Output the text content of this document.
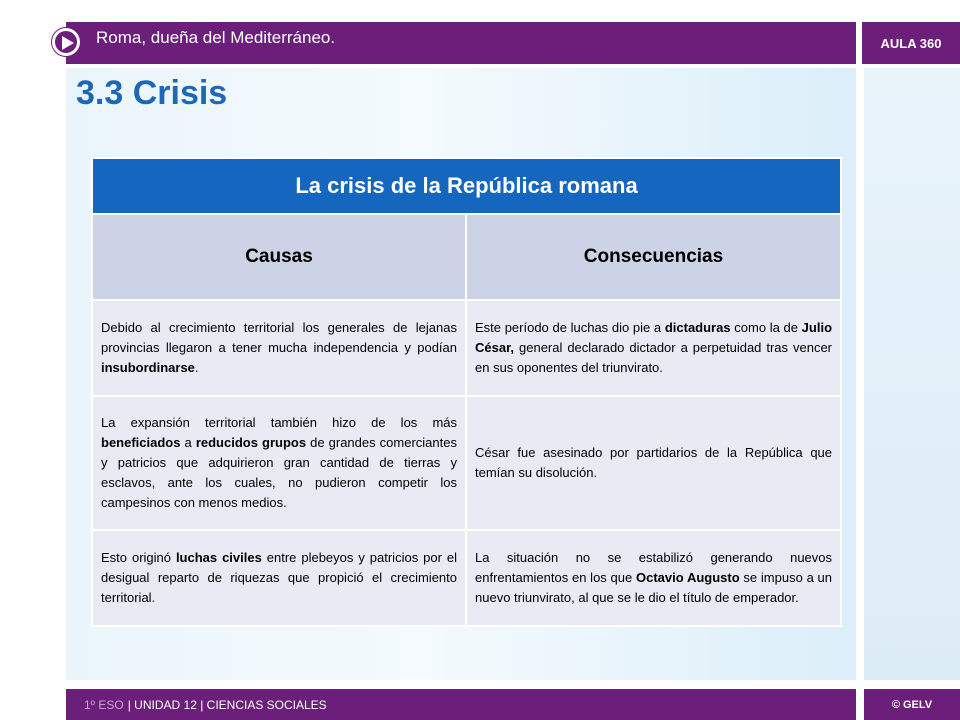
Roma, dueña del Mediterráneo.	AULA 360
3.3 Crisis
La crisis de la República romana	
Causas	Consecuencias
Debido al crecimiento territorial los generales de lejanas provincias llegaron a tener mucha independencia y podían insubordinarse.	Este período de luchas dio pie a dictaduras como la de Julio César, general declarado dictador a perpetuidad tras vencer en sus oponentes del triunvirato.
La expansión territorial también hizo de los más beneficiados a reducidos grupos de grandes comerciantes y patricios que adquirieron gran cantidad de tierras y esclavos, ante los cuales, no pudieron competir los campesinos con menos medios.	César fue asesinado por partidarios de la República que temían su disolución.
Esto originó luchas civiles entre plebeyos y patricios por el desigual reparto de riquezas que propició el crecimiento territorial.	La situación no se estabilizó generando nuevos enfrentamientos en los que Octavio Augusto se impuso a un nuevo triunvirato, al que se le dio el título de emperador.
1º ESO | UNIDAD 12 | CIENCIAS SOCIALES	© GELV
